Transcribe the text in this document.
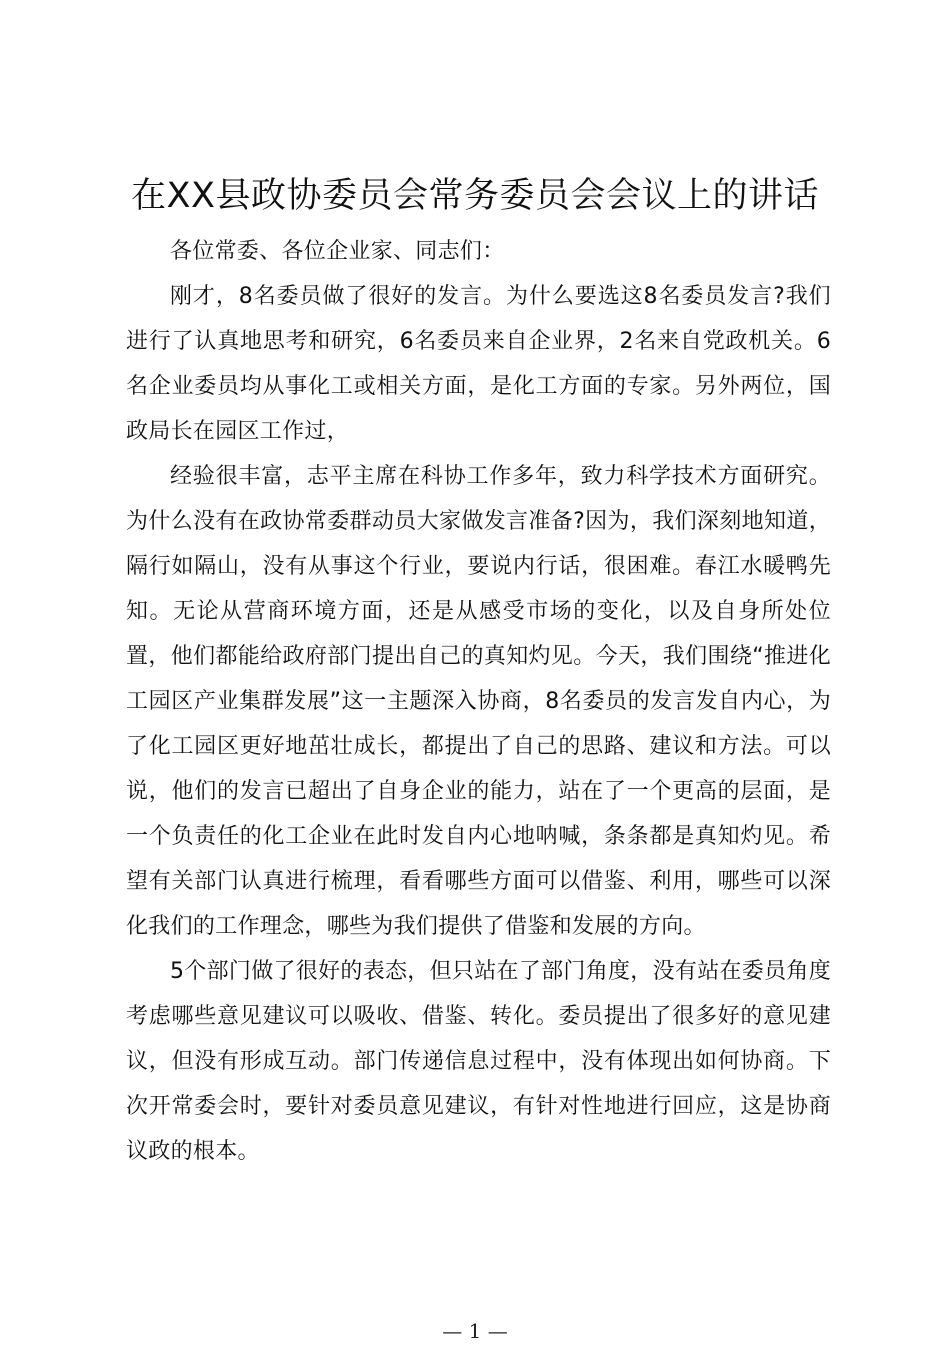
在XX县政协委员会常务委员会会议上的讲话

各位常委、各位企业家、同志们：

刚才，8名委员做了很好的发言。为什么要选这8名委员发言?我们进行了认真地思考和研究，6名委员来自企业界，2名来自党政机关。6名企业委员均从事化工或相关方面，是化工方面的专家。另外两位，国政局长在园区工作过，

经验很丰富，志平主席在科协工作多年，致力科学技术方面研究。为什么没有在政协常委群动员大家做发言准备?因为，我们深刻地知道，隔行如隔山，没有从事这个行业，要说内行话，很困难。春江水暖鸭先知。无论从营商环境方面，还是从感受市场的变化，以及自身所处位置，他们都能给政府部门提出自己的真知灼见。今天，我们围绕“推进化工园区产业集群发展”这一主题深入协商，8名委员的发言发自内心，为了化工园区更好地茁壮成长，都提出了自己的思路、建议和方法。可以说，他们的发言已超出了自身企业的能力，站在了一个更高的层面，是一个负责任的化工企业在此时发自内心地呐喊，条条都是真知灼见。希望有关部门认真进行梳理，看看哪些方面可以借鉴、利用，哪些可以深化我们的工作理念，哪些为我们提供了借鉴和发展的方向。

5个部门做了很好的表态，但只站在了部门角度，没有站在委员角度考虑哪些意见建议可以吸收、借鉴、转化。委员提出了很多好的意见建议，但没有形成互动。部门传递信息过程中，没有体现出如何协商。下次开常委会时，要针对委员意见建议，有针对性地进行回应，这是协商议政的根本。

— 1 —
